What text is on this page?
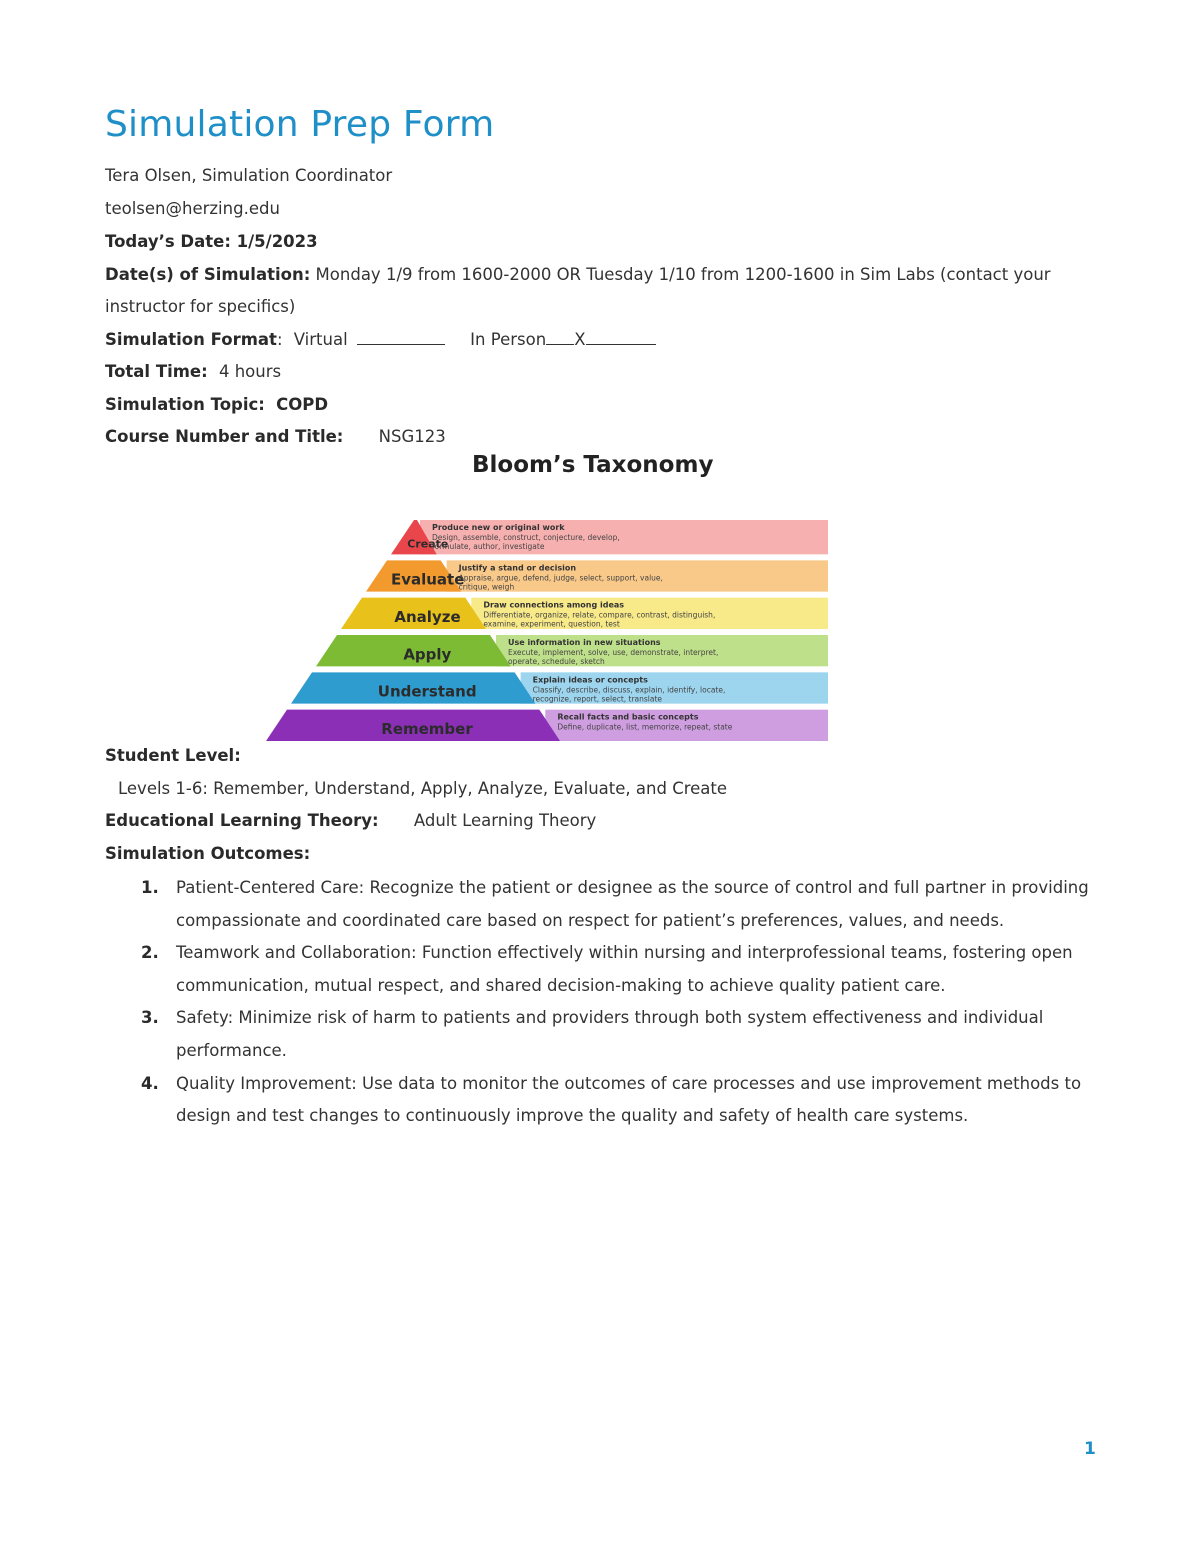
Simulation Prep Form
Tera Olsen, Simulation Coordinator
teolsen@herzing.edu
Today’s Date: 1/5/2023
Date(s) of Simulation: Monday 1/9 from 1600-2000 OR Tuesday 1/10 from 1200-1600 in Sim Labs (contact your
instructor for specifics)
Simulation Format: Virtual	In Person X
Total Time: 4 hours
Simulation Topic: COPD
Course Number and Title: NSG123
Bloom’s Taxonomy
Create
Produce new or original work
Design, assemble, construct, conjecture, develop,
formulate, author, investigate
Evaluate
Justify a stand or decision
Appraise, argue, defend, judge, select, support, value,
critique, weigh
Analyze
Draw connections among ideas
Differentiate, organize, relate, compare, contrast, distinguish,
examine, experiment, question, test
Apply
Use information in new situations
Execute, implement, solve, use, demonstrate, interpret,
operate, schedule, sketch
Understand
Explain ideas or concepts
Classify, describe, discuss, explain, identify, locate,
recognize, report, select, translate
Remember
Recall facts and basic concepts
Define, duplicate, list, memorize, repeat, state
Student Level:
Levels 1-6: Remember, Understand, Apply, Analyze, Evaluate, and Create
Educational Learning Theory: Adult Learning Theory
Simulation Outcomes:
1. Patient-Centered Care: Recognize the patient or designee as the source of control and full partner in providing compassionate and coordinated care based on respect for patient’s preferences, values, and needs.
2. Teamwork and Collaboration: Function effectively within nursing and interprofessional teams, fostering open communication, mutual respect, and shared decision-making to achieve quality patient care.
3. Safety: Minimize risk of harm to patients and providers through both system effectiveness and individual performance.
4. Quality Improvement: Use data to monitor the outcomes of care processes and use improvement methods to design and test changes to continuously improve the quality and safety of health care systems.
1
